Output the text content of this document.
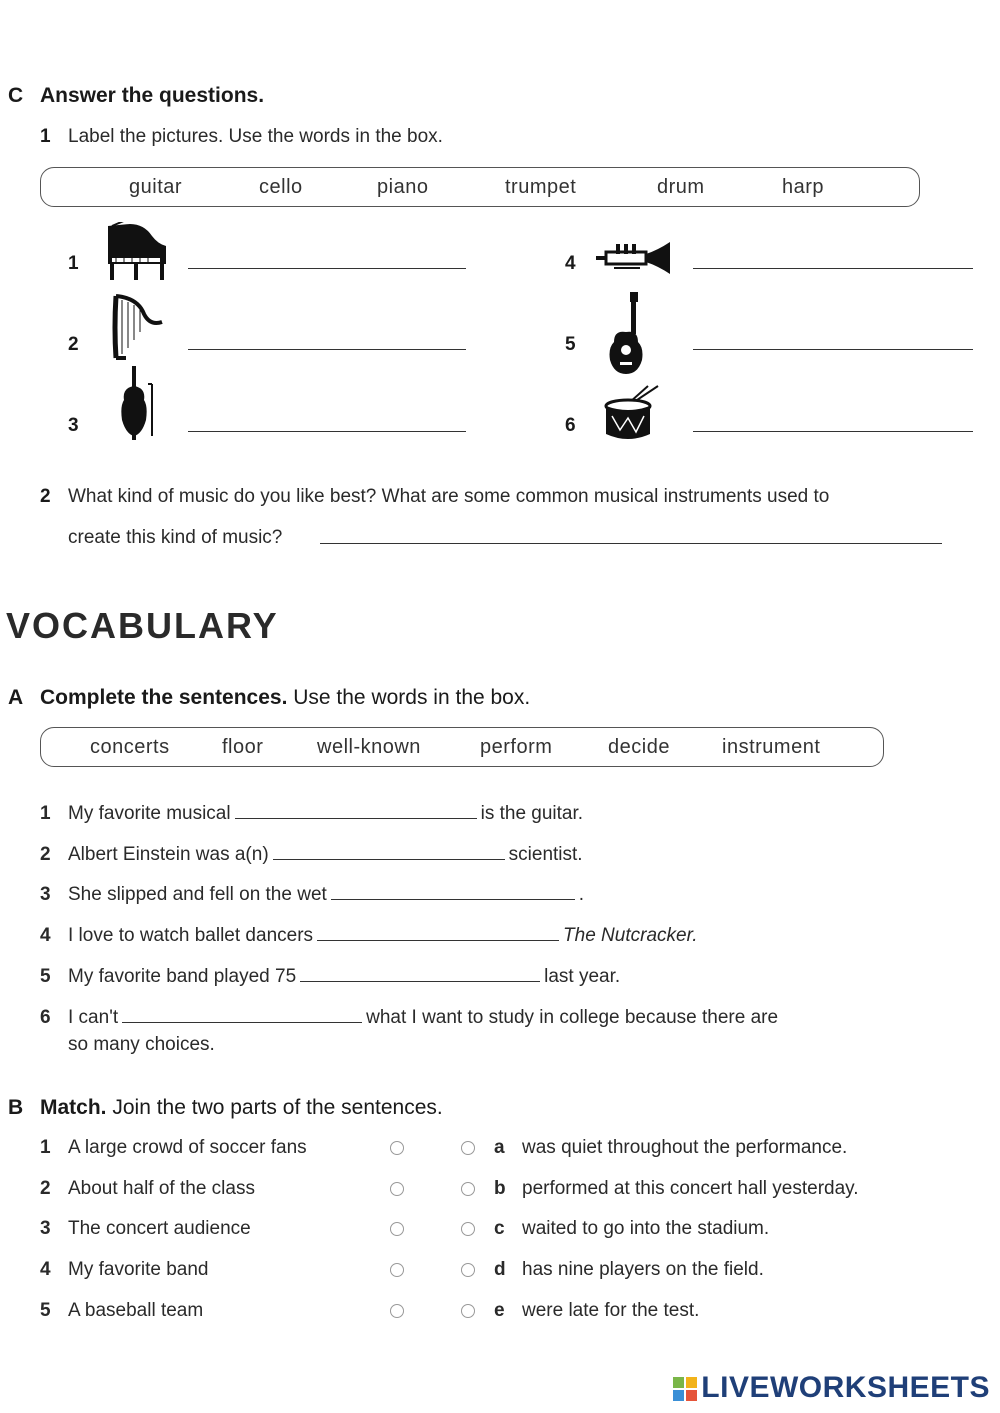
C Answer the questions.
1 Label the pictures. Use the words in the box.
guitar	cello	piano	trumpet	drum	harp
1
2
3
4
5
6
2 What kind of music do you like best? What are some common musical instruments used to
create this kind of music?
VOCABULARY
A Complete the sentences. Use the words in the box.
concerts	floor	well-known	perform	decide	instrument
1 My favorite musical	is the guitar.
2 Albert Einstein was a(n)	scientist.
3 She slipped and fell on the wet	.
4 I love to watch ballet dancers	The Nutcracker.
5 My favorite band played 75	last year.
6 I can't	what I want to study in college because there are
so many choices.
B Match. Join the two parts of the sentences.
1 A large crowd of soccer fans	a was quiet throughout the performance.
2 About half of the class	b performed at this concert hall yesterday.
3 The concert audience	c waited to go into the stadium.
4 My favorite band	d has nine players on the field.
5 A baseball team	e were late for the test.
LIVEWORKSHEETS
